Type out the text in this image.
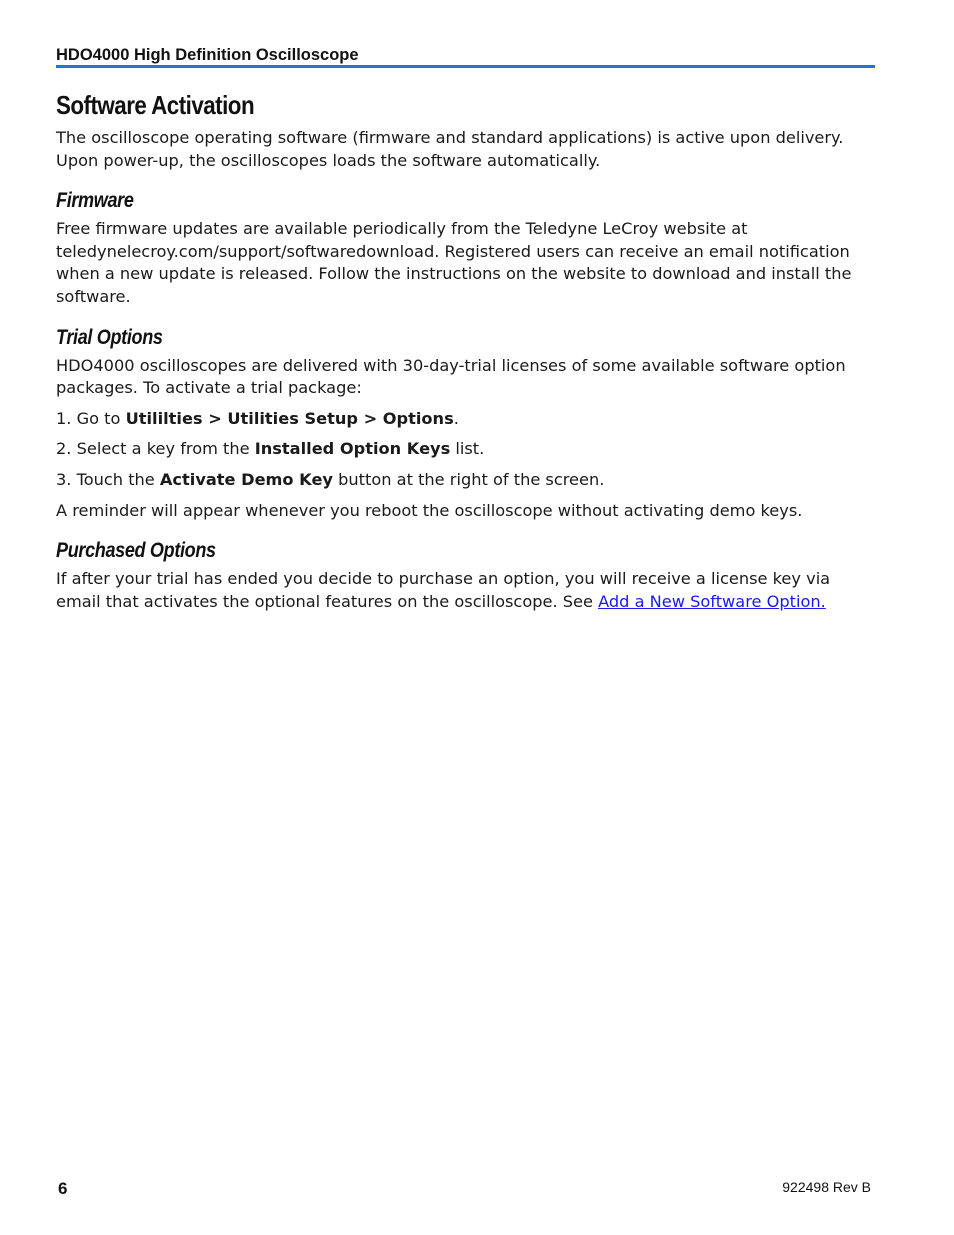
HDO4000 High Definition Oscilloscope
Software Activation

The oscilloscope operating software (firmware and standard applications) is active upon delivery. Upon power-up, the oscilloscopes loads the software automatically.

Firmware

Free firmware updates are available periodically from the Teledyne LeCroy website at teledynelecroy.com/support/softwaredownload. Registered users can receive an email notification when a new update is released. Follow the instructions on the website to download and install the software.

Trial Options

HDO4000 oscilloscopes are delivered with 30-day-trial licenses of some available software option packages. To activate a trial package:

1. Go to Utililties > Utilities Setup > Options.

2. Select a key from the Installed Option Keys list.

3. Touch the Activate Demo Key button at the right of the screen.

A reminder will appear whenever you reboot the oscilloscope without activating demo keys.

Purchased Options

If after your trial has ended you decide to purchase an option, you will receive a license key via email that activates the optional features on the oscilloscope. See Add a New Software Option.

6	922498 Rev B
